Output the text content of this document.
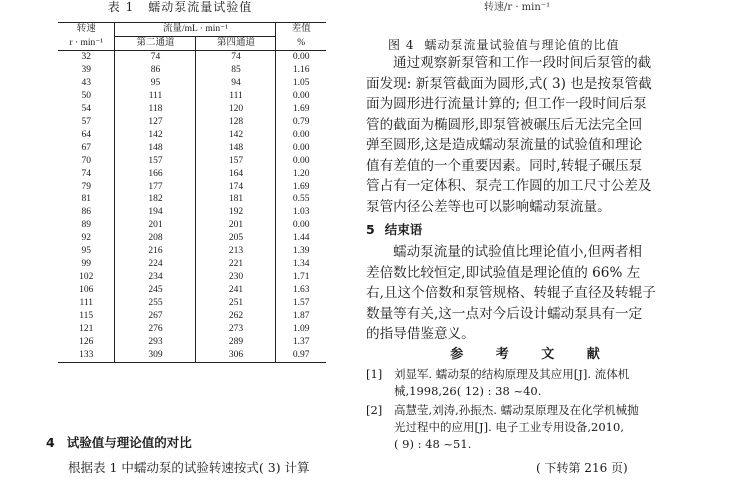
表 1 蠕动泵流量试验值
转速	流量/mL · min⁻¹		差值
r · min⁻¹	第二通道	第四通道	%
32	74	74	0.00
39	86	85	1.16
43	95	94	1.05
50	111	111	0.00
54	118	120	1.69
57	127	128	0.79
64	142	142	0.00
67	148	148	0.00
70	157	157	0.00
74	166	164	1.20
79	177	174	1.69
81	182	181	0.55
86	194	192	1.03
89	201	201	0.00
92	208	205	1.44
95	216	213	1.39
99	224	221	1.34
102	234	230	1.71
106	245	241	1.63
111	255	251	1.57
115	267	262	1.87
121	276	273	1.09
126	293	289	1.37
133	309	306	0.97
4 试验值与理论值的对比
根据表 1 中蠕动泵的试验转速按式( 3) 计算
转速/r · min⁻¹
图 4 蠕动泵流量试验值与理论值的比值
通过观察新泵管和工作一段时间后泵管的截
面发现: 新泵管截面为圆形,式( 3) 也是按泵管截
面为圆形进行流量计算的; 但工作一段时间后泵
管的截面为椭圆形,即泵管被碾压后无法完全回
弹至圆形,这是造成蠕动泵流量的试验值和理论
值有差值的一个重要因素。同时,转辊子碾压泵
管占有一定体积、泵壳工作圆的加工尺寸公差及
泵管内径公差等也可以影响蠕动泵流量。
5 结束语
蠕动泵流量的试验值比理论值小,但两者相
差倍数比较恒定,即试验值是理论值的 66% 左
右,且这个倍数和泵管规格、转辊子直径及转辊子
数量等有关,这一点对今后设计蠕动泵具有一定
的指导借鉴意义。
参 考 文 献
[1] 刘显军. 蠕动泵的结构原理及其应用[J]. 流体机
械,1998,26( 12) : 38 ~40.
[2] 高慧莹,刘涛,孙振杰. 蠕动泵原理及在化学机械抛
光过程中的应用[J]. 电子工业专用设备,2010,
( 9) : 48 ~51.
( 下转第 216 页)
